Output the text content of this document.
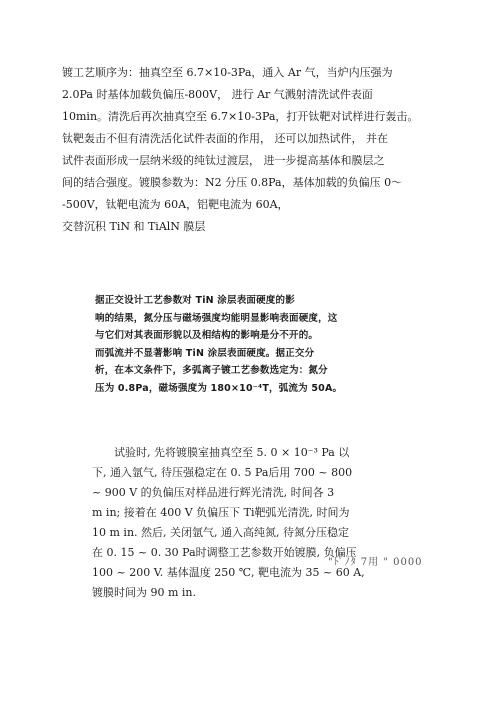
镀工艺顺序为：抽真空至 6.7×10-3Pa，通入 Ar 气，当炉内压强为

2.0Pa 时基体加载负偏压-800V， 进行 Ar 气溅射清洗试件表面

10min。清洗后再次抽真空至 6.7×10-3Pa，打开钛靶对试样进行轰击。

钛靶轰击不但有清洗活化试件表面的作用， 还可以加热试件， 并在

试件表面形成一层纳米级的纯钛过渡层， 进一步提高基体和膜层之

间的结合强度。镀膜参数为：N2 分压 0.8Pa，基体加载的负偏压 0～

-500V，钛靶电流为 60A，铝靶电流为 60A，

交替沉积 TiN 和 TiAlN 膜层

据正交设计工艺参数对 TiN 涂层表面硬度的影

响的结果，氮分压与磁场强度均能明显影响表面硬度，这

与它们对其表面形貌以及相结构的影响是分不开的。

而弧流并不显著影响 TiN 涂层表面硬度。据正交分

析，在本文条件下，多弧离子镀工艺参数选定为：氮分

压为 0.8Pa，磁场强度为 180×10⁻⁴T，弧流为 50A。

试验时, 先将镀膜室抽真空至 5. 0 × 10⁻³ Pa 以

下, 通入氩气, 待压强稳定在 0. 5 Pa后用 700 ~ 800

~ 900 V 的负偏压对样品进行辉光清洗, 时间各 3

m in; 接着在 400 V 负偏压下 Ti靶弧光清洗, 时间为

10 m in. 然后, 关闭氩气, 通入高纯氮, 待氮分压稳定

在 0. 15 ~ 0. 30 Pa时调整工艺参数开始镀膜, 负偏压

100 ~ 200 V. 基体温度 250 ℃, 靶电流为 35 ~ 60 A,

镀膜时间为 90 m in.

"ﾄﾟﾉﾀ 7用 " 0000
